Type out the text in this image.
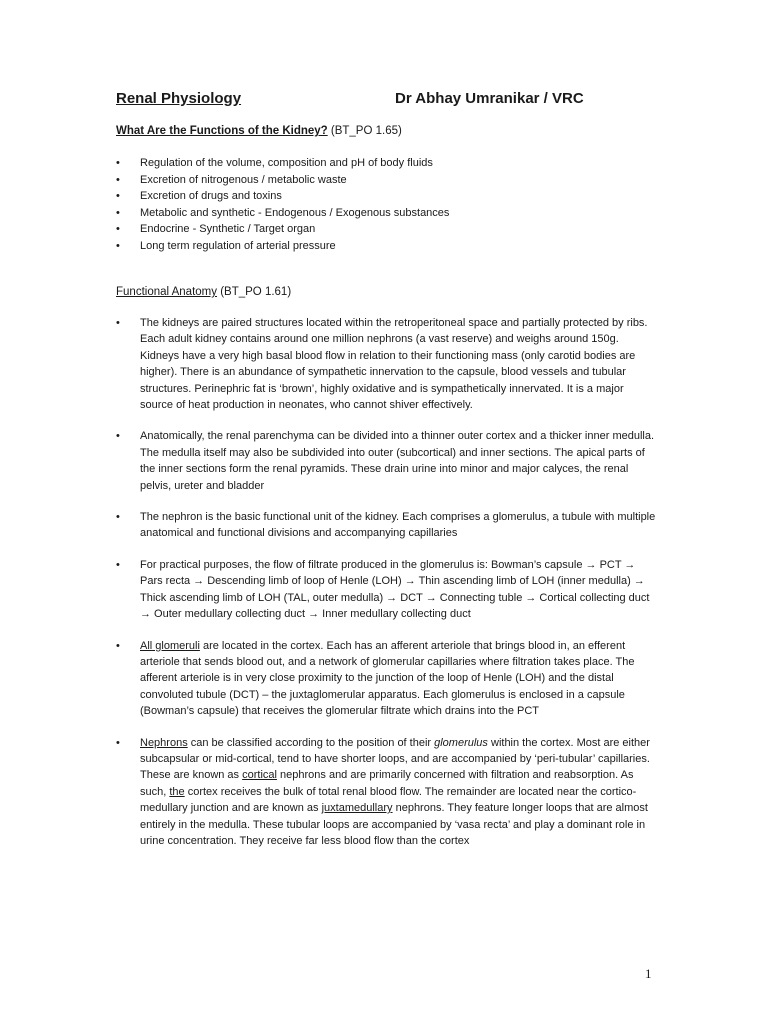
Renal Physiology	Dr Abhay Umranikar / VRC
What Are the Functions of the Kidney? (BT_PO 1.65)
•	Regulation of the volume, composition and pH of body fluids
•	Excretion of nitrogenous / metabolic waste
•	Excretion of drugs and toxins
•	Metabolic and synthetic - Endogenous / Exogenous substances
•	Endocrine - Synthetic / Target organ
•	Long term regulation of arterial pressure
Functional Anatomy (BT_PO 1.61)
•	The kidneys are paired structures located within the retroperitoneal space and partially protected by ribs. Each adult kidney contains around one million nephrons (a vast reserve) and weighs around 150g. Kidneys have a very high basal blood flow in relation to their functioning mass (only carotid bodies are higher). There is an abundance of sympathetic innervation to the capsule, blood vessels and tubular structures. Perinephric fat is ‘brown’, highly oxidative and is sympathetically innervated. It is a major source of heat production in neonates, who cannot shiver effectively.
•	Anatomically, the renal parenchyma can be divided into a thinner outer cortex and a thicker inner medulla. The medulla itself may also be subdivided into outer (subcortical) and inner sections. The apical parts of the inner sections form the renal pyramids. These drain urine into minor and major calyces, the renal pelvis, ureter and bladder
•	The nephron is the basic functional unit of the kidney. Each comprises a glomerulus, a tubule with multiple anatomical and functional divisions and accompanying capillaries
•	For practical purposes, the flow of filtrate produced in the glomerulus is: Bowman’s capsule → PCT → Pars recta → Descending limb of loop of Henle (LOH) → Thin ascending limb of LOH (inner medulla) → Thick ascending limb of LOH (TAL, outer medulla) → DCT → Connecting tuble → Cortical collecting duct → Outer medullary collecting duct → Inner medullary collecting duct
•	All glomeruli are located in the cortex. Each has an afferent arteriole that brings blood in, an efferent arteriole that sends blood out, and a network of glomerular capillaries where filtration takes place. The afferent arteriole is in very close proximity to the junction of the loop of Henle (LOH) and the distal convoluted tubule (DCT) – the juxtaglomerular apparatus. Each glomerulus is enclosed in a capsule (Bowman’s capsule) that receives the glomerular filtrate which drains into the PCT
•	Nephrons can be classified according to the position of their glomerulus within the cortex. Most are either subcapsular or mid-cortical, tend to have shorter loops, and are accompanied by ‘peri-tubular’ capillaries. These are known as cortical nephrons and are primarily concerned with filtration and reabsorption. As such, the cortex receives the bulk of total renal blood flow. The remainder are located near the cortico-medullary junction and are known as juxtamedullary nephrons. They feature longer loops that are almost entirely in the medulla. These tubular loops are accompanied by ‘vasa recta’ and play a dominant role in urine concentration. They receive far less blood flow than the cortex
1
